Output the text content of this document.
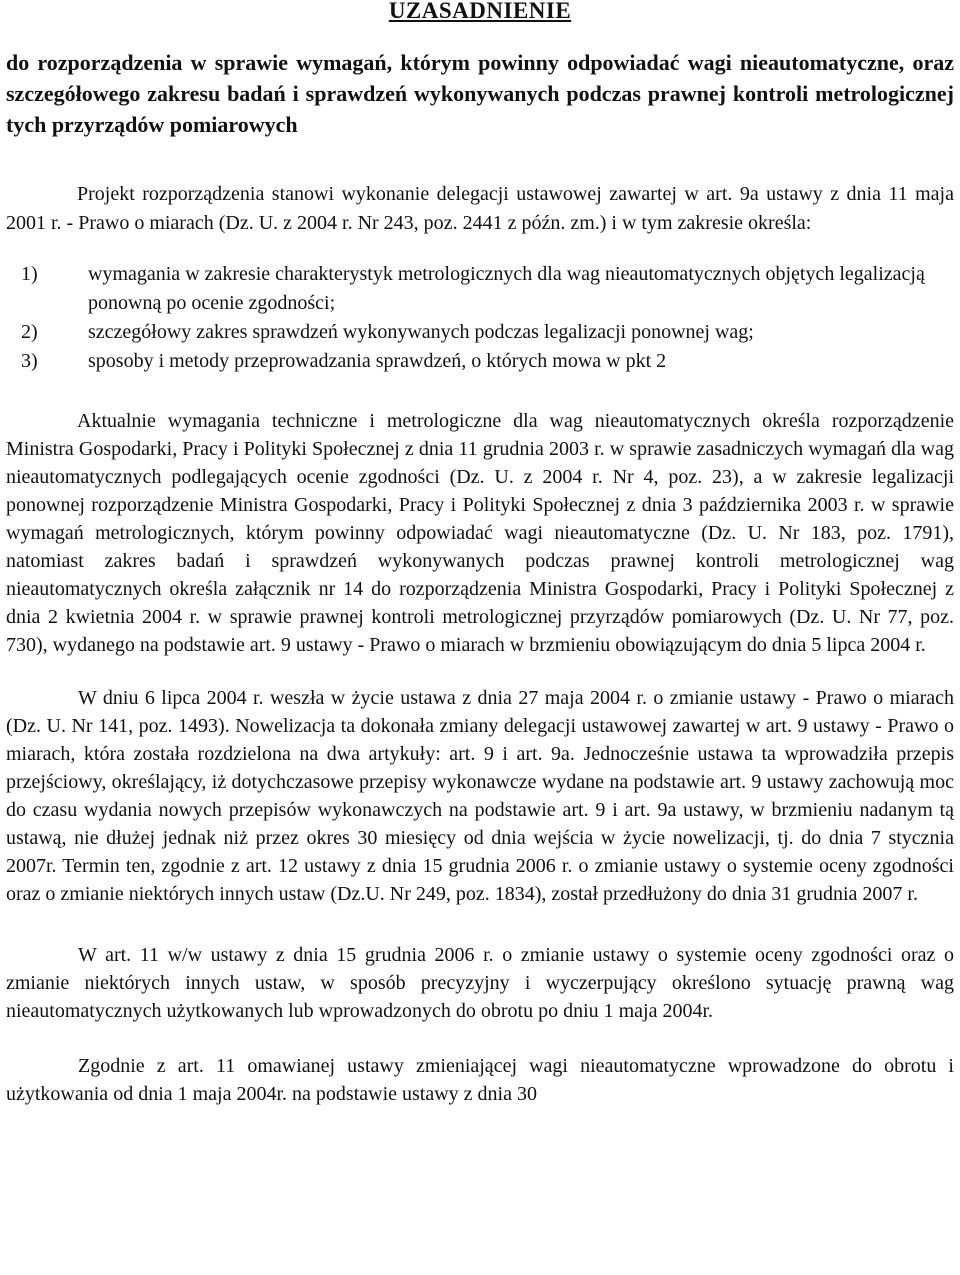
UZASADNIENIE

do rozporządzenia w sprawie wymagań, którym powinny odpowiadać wagi nieautomatyczne, oraz szczegółowego zakresu badań i sprawdzeń wykonywanych podczas prawnej kontroli metrologicznej tych przyrządów pomiarowych

Projekt rozporządzenia stanowi wykonanie delegacji ustawowej zawartej w art. 9a ustawy z dnia 11 maja 2001 r. - Prawo o miarach (Dz. U. z 2004 r. Nr 243, poz. 2441 z późn. zm.) i w tym zakresie określa:

1)	wymagania w zakresie charakterystyk metrologicznych dla wag nieautomatycznych objętych legalizacją ponowną po ocenie zgodności;
2)	szczegółowy zakres sprawdzeń wykonywanych podczas legalizacji ponownej wag;
3)	sposoby i metody przeprowadzania sprawdzeń, o których mowa w pkt 2

Aktualnie wymagania techniczne i metrologiczne dla wag nieautomatycznych określa rozporządzenie Ministra Gospodarki, Pracy i Polityki Społecznej z dnia 11 grudnia 2003 r. w sprawie zasadniczych wymagań dla wag nieautomatycznych podlegających ocenie zgodności (Dz. U. z 2004 r. Nr 4, poz. 23), a w zakresie legalizacji ponownej rozporządzenie Ministra Gospodarki, Pracy i Polityki Społecznej z dnia 3 października 2003 r. w sprawie wymagań metrologicznych, którym powinny odpowiadać wagi nieautomatyczne (Dz. U. Nr 183, poz. 1791), natomiast zakres badań i sprawdzeń wykonywanych podczas prawnej kontroli metrologicznej wag nieautomatycznych określa załącznik nr 14 do rozporządzenia Ministra Gospodarki, Pracy i Polityki Społecznej z dnia 2 kwietnia 2004 r. w sprawie prawnej kontroli metrologicznej przyrządów pomiarowych (Dz. U. Nr 77, poz. 730), wydanego na podstawie art. 9 ustawy - Prawo o miarach w brzmieniu obowiązującym do dnia 5 lipca 2004 r.

W dniu 6 lipca 2004 r. weszła w życie ustawa z dnia 27 maja 2004 r. o zmianie ustawy - Prawo o miarach (Dz. U. Nr 141, poz. 1493). Nowelizacja ta dokonała zmiany delegacji ustawowej zawartej w art. 9 ustawy - Prawo o miarach, która została rozdzielona na dwa artykuły: art. 9 i art. 9a. Jednocześnie ustawa ta wprowadziła przepis przejściowy, określający, iż dotychczasowe przepisy wykonawcze wydane na podstawie art. 9 ustawy zachowują moc do czasu wydania nowych przepisów wykonawczych na podstawie art. 9 i art. 9a ustawy, w brzmieniu nadanym tą ustawą, nie dłużej jednak niż przez okres 30 miesięcy od dnia wejścia w życie nowelizacji, tj. do dnia 7 stycznia 2007r. Termin ten, zgodnie z art. 12 ustawy z dnia 15 grudnia 2006 r. o zmianie ustawy o systemie oceny zgodności oraz o zmianie niektórych innych ustaw (Dz.U. Nr 249, poz. 1834), został przedłużony do dnia 31 grudnia 2007 r.

W art. 11 w/w ustawy z dnia 15 grudnia 2006 r. o zmianie ustawy o systemie oceny zgodności oraz o zmianie niektórych innych ustaw, w sposób precyzyjny i wyczerpujący określono sytuację prawną wag nieautomatycznych użytkowanych lub wprowadzonych do obrotu po dniu 1 maja 2004r.

Zgodnie z art. 11 omawianej ustawy zmieniającej wagi nieautomatyczne wprowadzone do obrotu i użytkowania od dnia 1 maja 2004r. na podstawie ustawy z dnia 30
